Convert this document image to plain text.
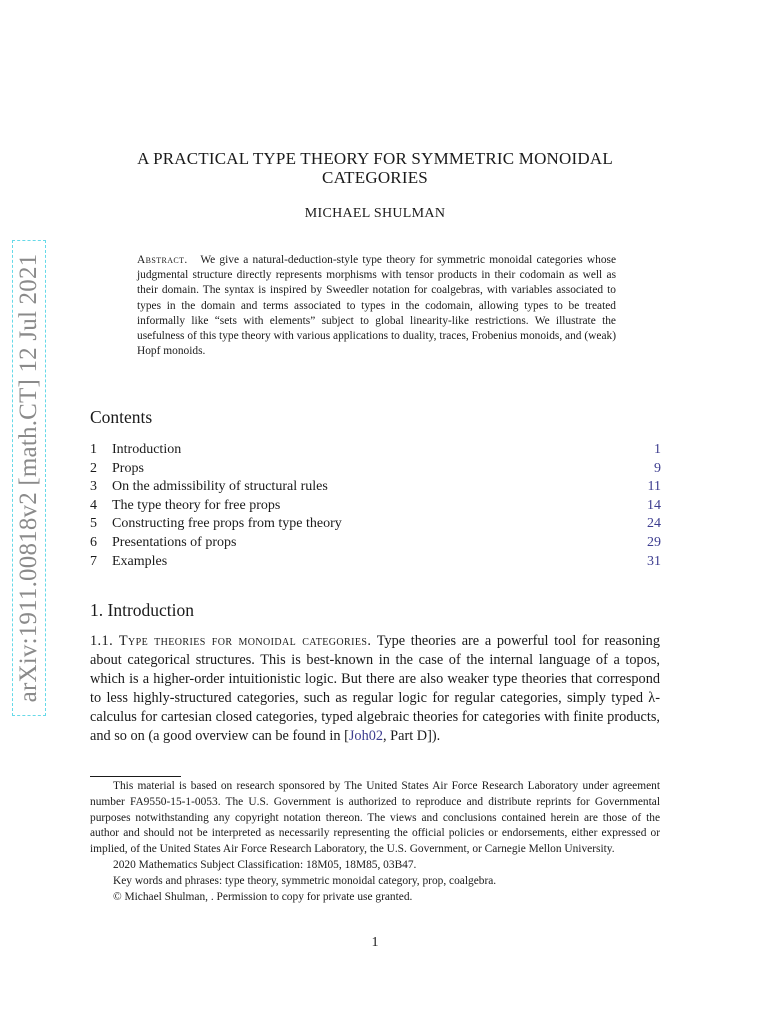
arXiv:1911.00818v2 [math.CT] 12 Jul 2021
A PRACTICAL TYPE THEORY FOR SYMMETRIC MONOIDAL
CATEGORIES
MICHAEL SHULMAN
Abstract. We give a natural-deduction-style type theory for symmetric monoidal categories whose judgmental structure directly represents morphisms with tensor products in their codomain as well as their domain. The syntax is inspired by Sweedler notation for coalgebras, with variables associated to types in the domain and terms associated to types in the codomain, allowing types to be treated informally like “sets with elements” subject to global linearity-like restrictions. We illustrate the usefulness of this type theory with various applications to duality, traces, Frobenius monoids, and (weak) Hopf monoids.
Contents
1	Introduction	1
2	Props	9
3	On the admissibility of structural rules	11
4	The type theory for free props	14
5	Constructing free props from type theory	24
6	Presentations of props	29
7	Examples	31
1. Introduction
1.1. Type theories for monoidal categories. Type theories are a powerful tool for reasoning about categorical structures. This is best-known in the case of the internal language of a topos, which is a higher-order intuitionistic logic. But there are also weaker type theories that correspond to less highly-structured categories, such as regular logic for regular categories, simply typed λ-calculus for cartesian closed categories, typed algebraic theories for categories with finite products, and so on (a good overview can be found in [Joh02, Part D]).

This material is based on research sponsored by The United States Air Force Research Laboratory under agreement number FA9550-15-1-0053. The U.S. Government is authorized to reproduce and distribute reprints for Governmental purposes notwithstanding any copyright notation thereon. The views and conclusions contained herein are those of the author and should not be interpreted as necessarily representing the official policies or endorsements, either expressed or implied, of the United States Air Force Research Laboratory, the U.S. Government, or Carnegie Mellon University.

2020 Mathematics Subject Classification: 18M05, 18M85, 03B47.

Key words and phrases: type theory, symmetric monoidal category, prop, coalgebra.

© Michael Shulman, . Permission to copy for private use granted.

1
